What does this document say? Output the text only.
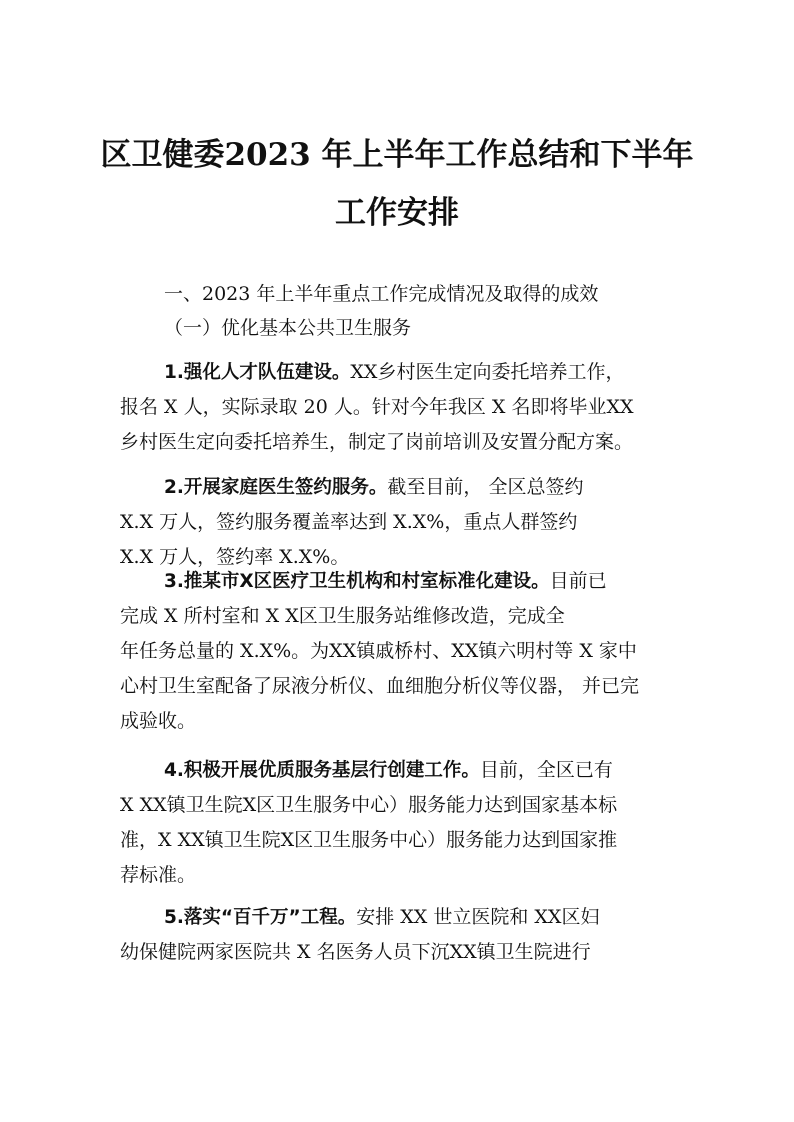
区卫健委2023 年上半年工作总结和下半年
工作安排
一、2023 年上半年重点工作完成情况及取得的成效
（一）优化基本公共卫生服务
1.强化人才队伍建设。XX乡村医生定向委托培养工作，
报名 X 人，实际录取 20 人。针对今年我区 X 名即将毕业XX
乡村医生定向委托培养生，制定了岗前培训及安置分配方案。
2.开展家庭医生签约服务。截至目前， 全区总签约
X.X 万人，签约服务覆盖率达到 X.X%，重点人群签约
X.X 万人，签约率 X.X%。
3.推某市X区医疗卫生机构和村室标准化建设。目前已
完成 X 所村室和 X X区卫生服务站维修改造，完成全
年任务总量的 X.X%。为XX镇戚桥村、XX镇六明村等 X 家中
心村卫生室配备了尿液分析仪、血细胞分析仪等仪器， 并已完
成验收。
4.积极开展优质服务基层行创建工作。目前，全区已有
X XX镇卫生院X区卫生服务中心）服务能力达到国家基本标
准，X XX镇卫生院X区卫生服务中心）服务能力达到国家推
荐标准。
5.落实“百千万”工程。安排 XX 世立医院和 XX区妇
幼保健院两家医院共 X 名医务人员下沉XX镇卫生院进行
